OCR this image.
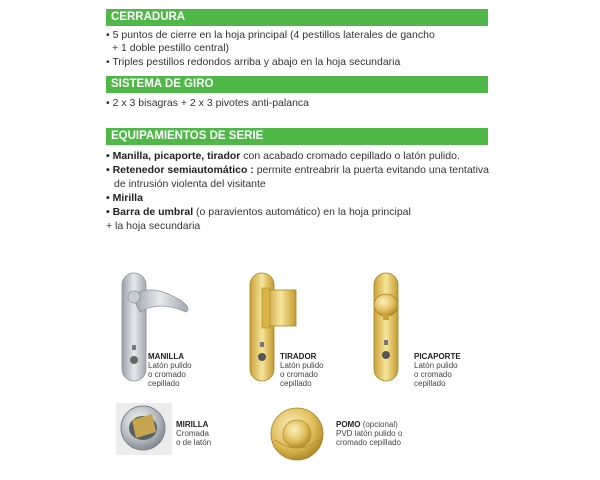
CERRADURA
• 5 puntos de cierre en la hoja principal (4 pestillos laterales de gancho
+ 1 doble pestillo central)
• Triples pestillos redondos arriba y abajo en la hoja secundaria
SISTEMA DE GIRO
• 2 x 3 bisagras + 2 x 3 pivotes anti-palanca
EQUIPAMIENTOS DE SERIE
• Manilla, picaporte, tirador con acabado cromado cepillado o latón pulido.
• Retenedor semiautomático : permite entreabrir la puerta evitando una tentativa
de intrusión violenta del visitante
• Mirilla
• Barra de umbral (o paravientos automático) en la hoja principal
+ la hoja secundaria
MANILLA
Latón pulido
o cromado
cepillado
TIRADOR
Latón pulido
o cromado
cepillado
PICAPORTE
Latón pulido
o cromado
cepillado
MIRILLA
Cromada
o de latón
POMO (opcional)
PVD latón pulido o
cromado cepillado
